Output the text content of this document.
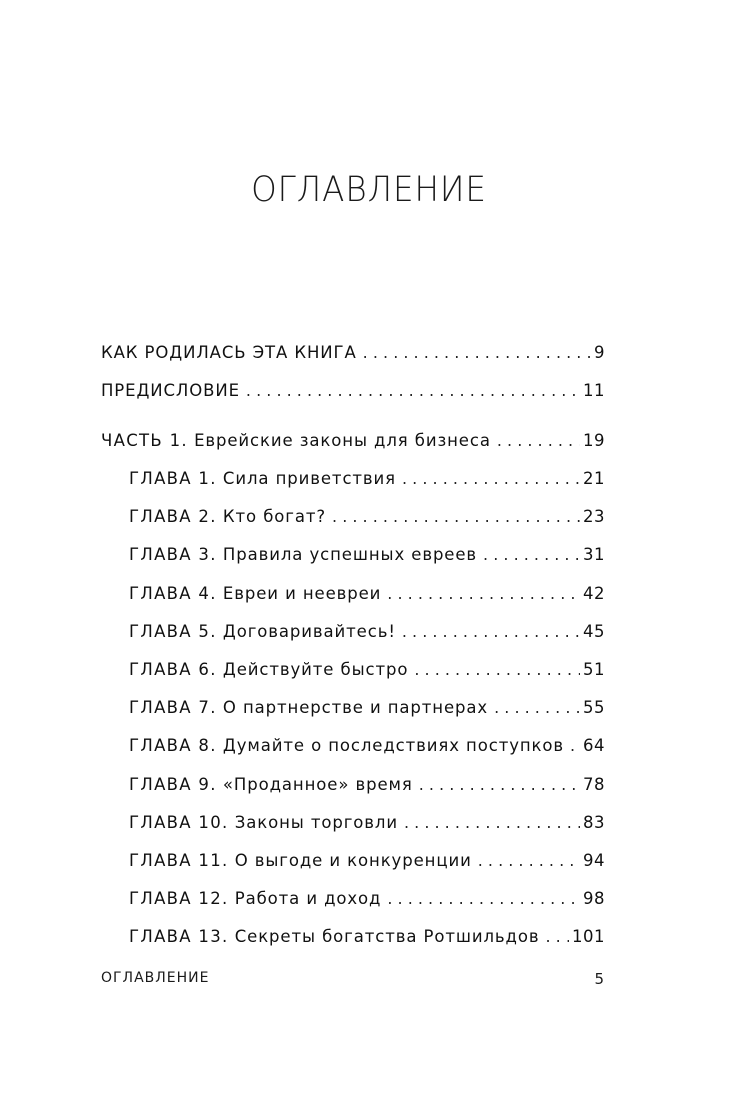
ОГЛАВЛЕНИЕ
КАК РОДИЛАСЬ ЭТА КНИГА . . .	9
ПРЕДИСЛОВИЕ . . .	11
ЧАСТЬ 1. Еврейские законы для бизнеса . . .	19
ГЛАВА 1. Сила приветствия . . .	21
ГЛАВА 2. Кто богат? . . .	23
ГЛАВА 3. Правила успешных евреев . . .	31
ГЛАВА 4. Евреи и неевреи . . .	42
ГЛАВА 5. Договаривайтесь! . . .	45
ГЛАВА 6. Действуйте быстро . . .	51
ГЛАВА 7. О партнерстве и партнерах . . .	55
ГЛАВА 8. Думайте о последствиях поступков . . . 64
ГЛАВА 9. «Проданное» время . . .	78
ГЛАВА 10. Законы торговли . . .	83
ГЛАВА 11. О выгоде и конкуренции . . .	94
ГЛАВА 12. Работа и доход . . .	98
ГЛАВА 13. Секреты богатства Ротшильдов . . . 101
ОГЛАВЛЕНИЕ	5
